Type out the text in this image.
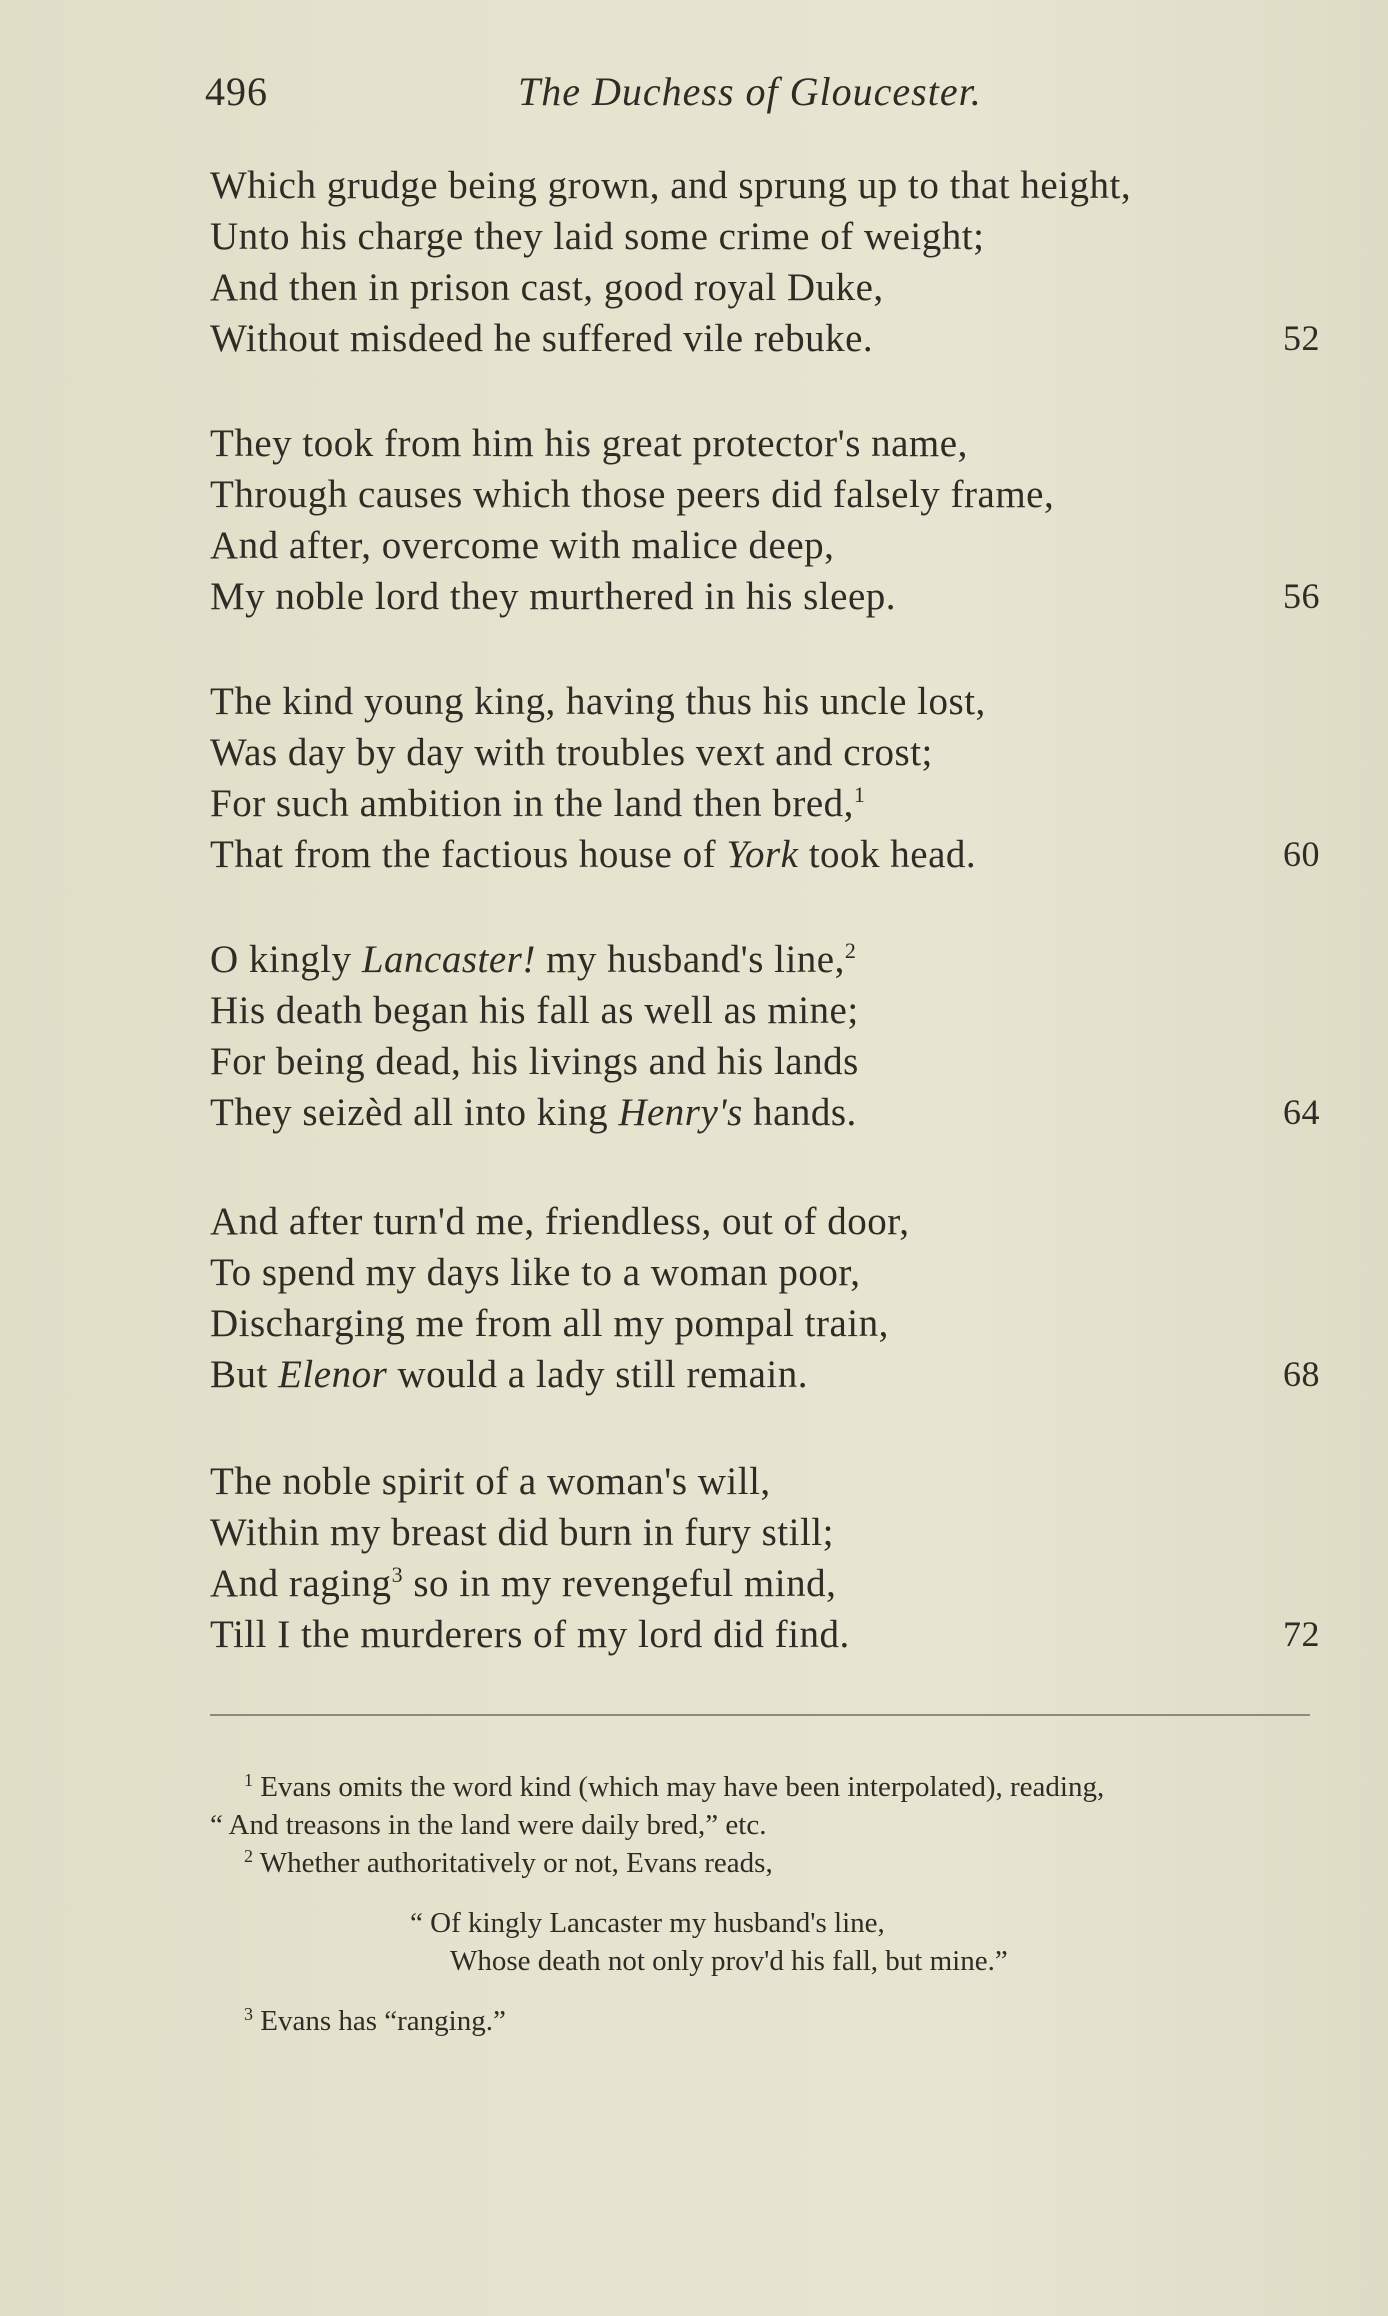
496	The Duchess of Gloucester.
Which grudge being grown, and sprung up to that height,
Unto his charge they laid some crime of weight;
And then in prison cast, good royal Duke,
Without misdeed he suffered vile rebuke.	52
They took from him his great protector's name,
Through causes which those peers did falsely frame,
And after, overcome with malice deep,
My noble lord they murthered in his sleep.	56
The kind young king, having thus his uncle lost,
Was day by day with troubles vext and crost;
For such ambition in the land then bred,$^1$
That from the factious house of York took head.	60
O kingly Lancaster! my husband's line,$^2$
His death began his fall as well as mine;
For being dead, his livings and his lands
They seizèd all into king Henry's hands.	64
And after turn'd me, friendless, out of door,
To spend my days like to a woman poor,
Discharging me from all my pompal train,
But Elenor would a lady still remain.	68
The noble spirit of a woman's will,
Within my breast did burn in fury still;
And raging$^3$ so in my revengeful mind,
Till I the murderers of my lord did find.	72
$^1$ Evans omits the word kind (which may have been interpolated), reading,
“ And treasons in the land were daily bred,” etc.
$^2$ Whether authoritatively or not, Evans reads,
“ Of kingly Lancaster my husband's line,
Whose death not only prov'd his fall, but mine.”
$^3$ Evans has “ranging.”
